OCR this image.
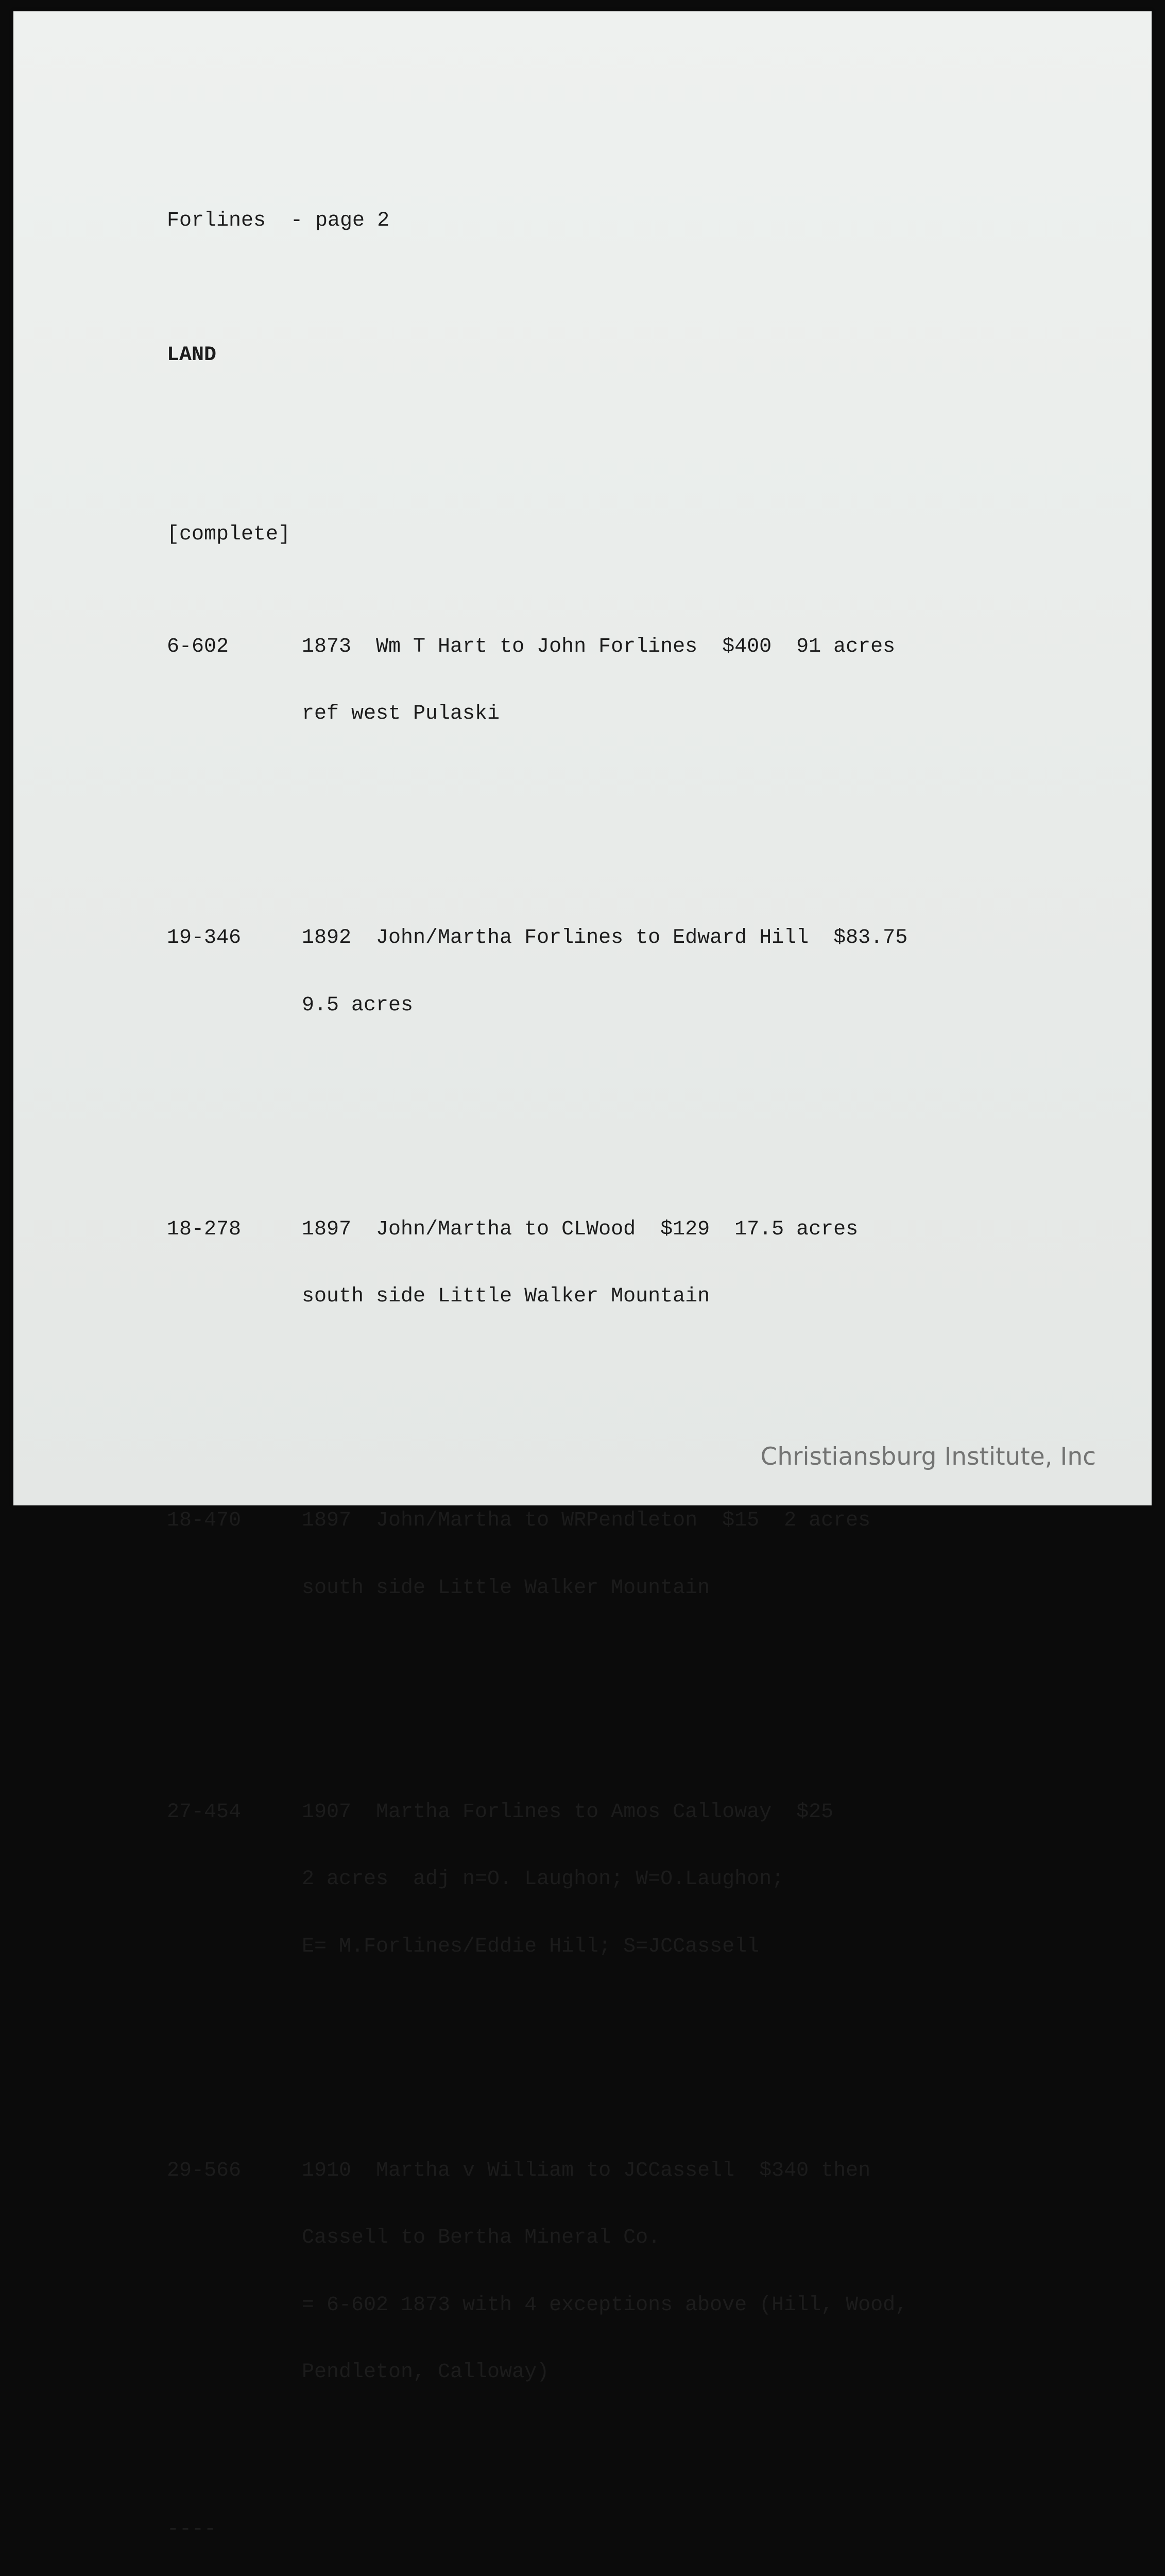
Forlines  - page 2

LAND

[complete]

6-602	1873  Wm T Hart to John Forlines  $400  91 acres

ref west Pulaski

19-346	1892  John/Martha Forlines to Edward Hill  $83.75

9.5 acres

18-278	1897  John/Martha to CLWood  $129  17.5 acres

south side Little Walker Mountain

18-470	1897  John/Martha to WRPendleton  $15  2 acres

south side Little Walker Mountain

27-454	1907  Martha Forlines to Amos Calloway  $25

2 acres  adj n=O. Laughon; W=O.Laughon;

E= M.Forlines/Eddie Hill; S=JCCassell

29-566	1910  Martha v William to JCCassell  $340 then

Cassell to Bertha Mineral Co.

= 6-602 1873 with 4 exceptions above (Hill, Wood,

Pendleton, Calloway)

----

Christiansburg Institute, Inc
